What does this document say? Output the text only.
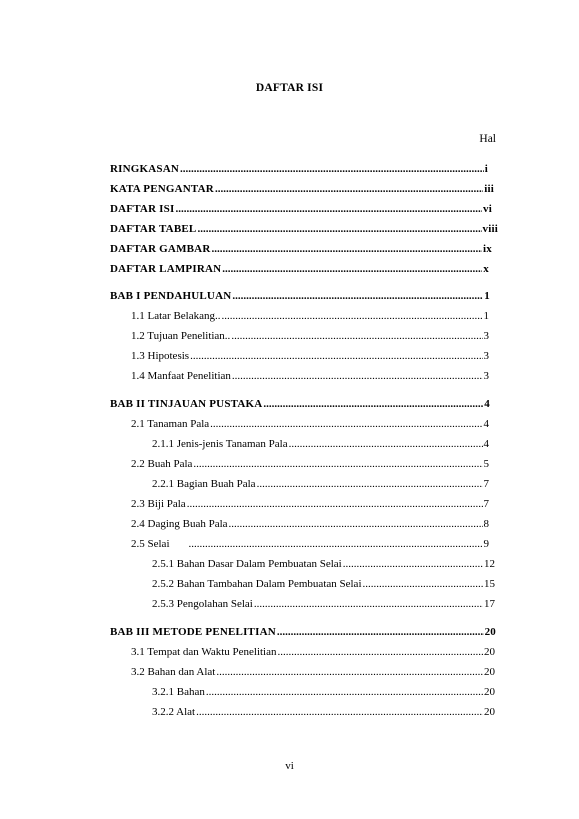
DAFTAR ISI
Hal
RINGKASAN .....	i
KATA PENGANTAR .....	iii
DAFTAR ISI .....	vi
DAFTAR TABEL .....	viii
DAFTAR GAMBAR .....	ix
DAFTAR LAMPIRAN .....	x
BAB I PENDAHULUAN .....	1
1.1 Latar Belakang.. .....	1
1.2 Tujuan Penelitian.. .....	3
1.3 Hipotesis .....	3
1.4 Manfaat Penelitian .....	3
BAB II TINJAUAN PUSTAKA .....	4
2.1 Tanaman Pala .....	4
2.1.1 Jenis-jenis Tanaman Pala .....	4
2.2 Buah Pala .....	5
2.2.1 Bagian Buah Pala .....	7
2.3 Biji Pala .....	7
2.4 Daging Buah Pala .....	8
2.5 Selai .....	9
2.5.1 Bahan Dasar Dalam Pembuatan Selai .....	12
2.5.2 Bahan Tambahan Dalam Pembuatan Selai .....	15
2.5.3 Pengolahan Selai .....	17
BAB III METODE PENELITIAN .....	20
3.1 Tempat dan Waktu Penelitian .....	20
3.2 Bahan dan Alat .....	20
3.2.1 Bahan .....	20
3.2.2 Alat .....	20
vi
